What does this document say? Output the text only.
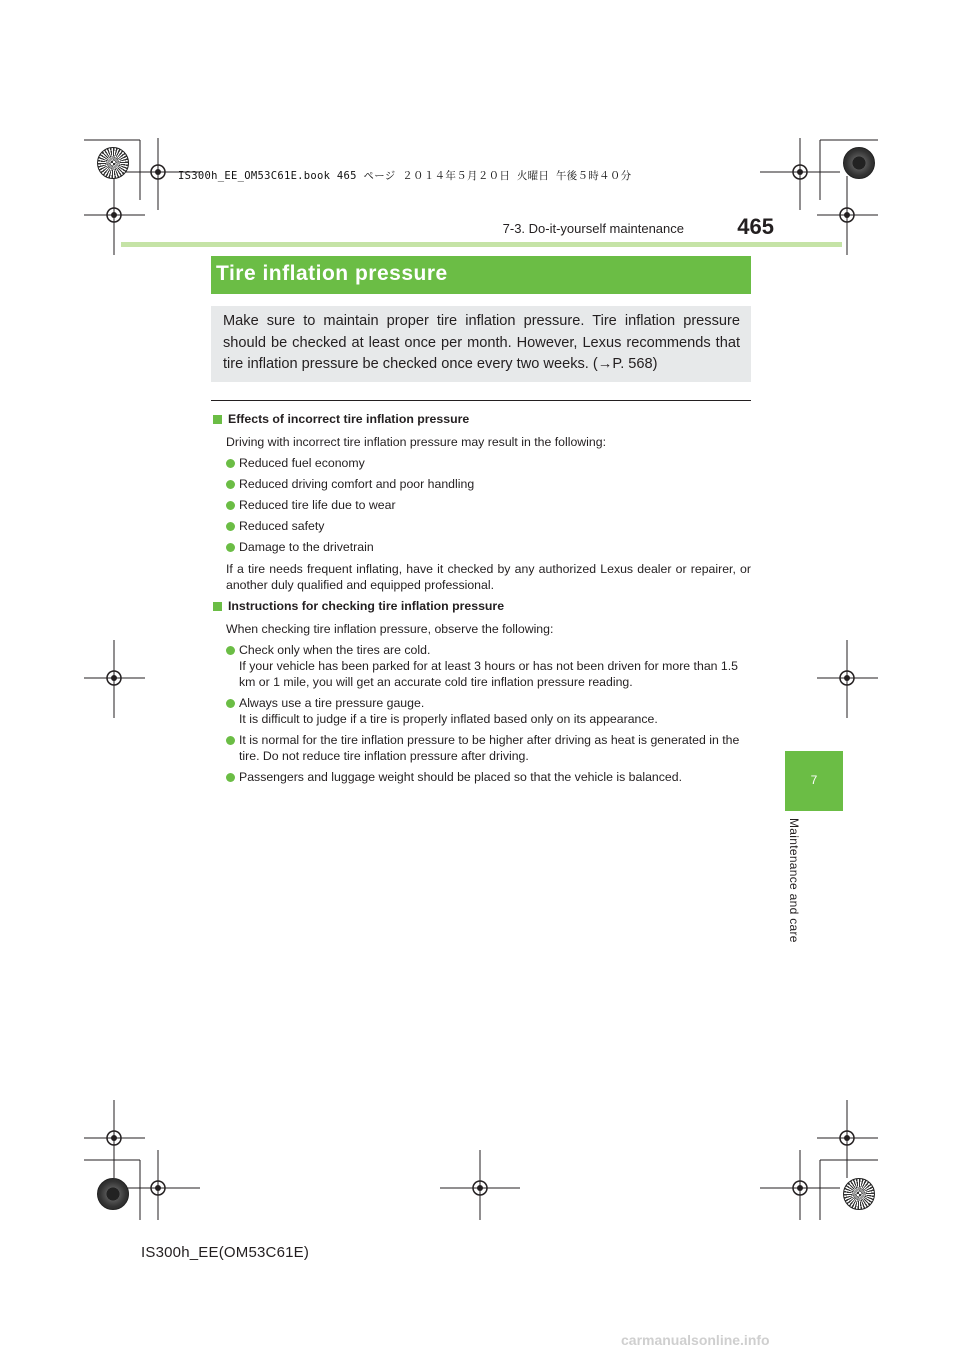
IS300h_EE_OM53C61E.book 465 ページ ２０１４年５月２０日 火曜日 午後５時４０分
7-3. Do-it-yourself maintenance	465
7
Maintenance and care
Tire inflation pressure
Make sure to maintain proper tire inflation pressure. Tire inflation pressure should be checked at least once per month. However, Lexus recommends that tire inflation pressure be checked once every two weeks. (→P. 568)
Effects of incorrect tire inflation pressure
Driving with incorrect tire inflation pressure may result in the following:
Reduced fuel economy
Reduced driving comfort and poor handling
Reduced tire life due to wear
Reduced safety
Damage to the drivetrain
If a tire needs frequent inflating, have it checked by any authorized Lexus dealer or repairer, or another duly qualified and equipped professional.
Instructions for checking tire inflation pressure
When checking tire inflation pressure, observe the following:
Check only when the tires are cold.
If your vehicle has been parked for at least 3 hours or has not been driven for more than 1.5 km or 1 mile, you will get an accurate cold tire inflation pressure reading.
Always use a tire pressure gauge.
It is difficult to judge if a tire is properly inflated based only on its appearance.
It is normal for the tire inflation pressure to be higher after driving as heat is generated in the tire. Do not reduce tire inflation pressure after driving.
Passengers and luggage weight should be placed so that the vehicle is balanced.
IS300h_EE(OM53C61E)
carmanualsonline.info
